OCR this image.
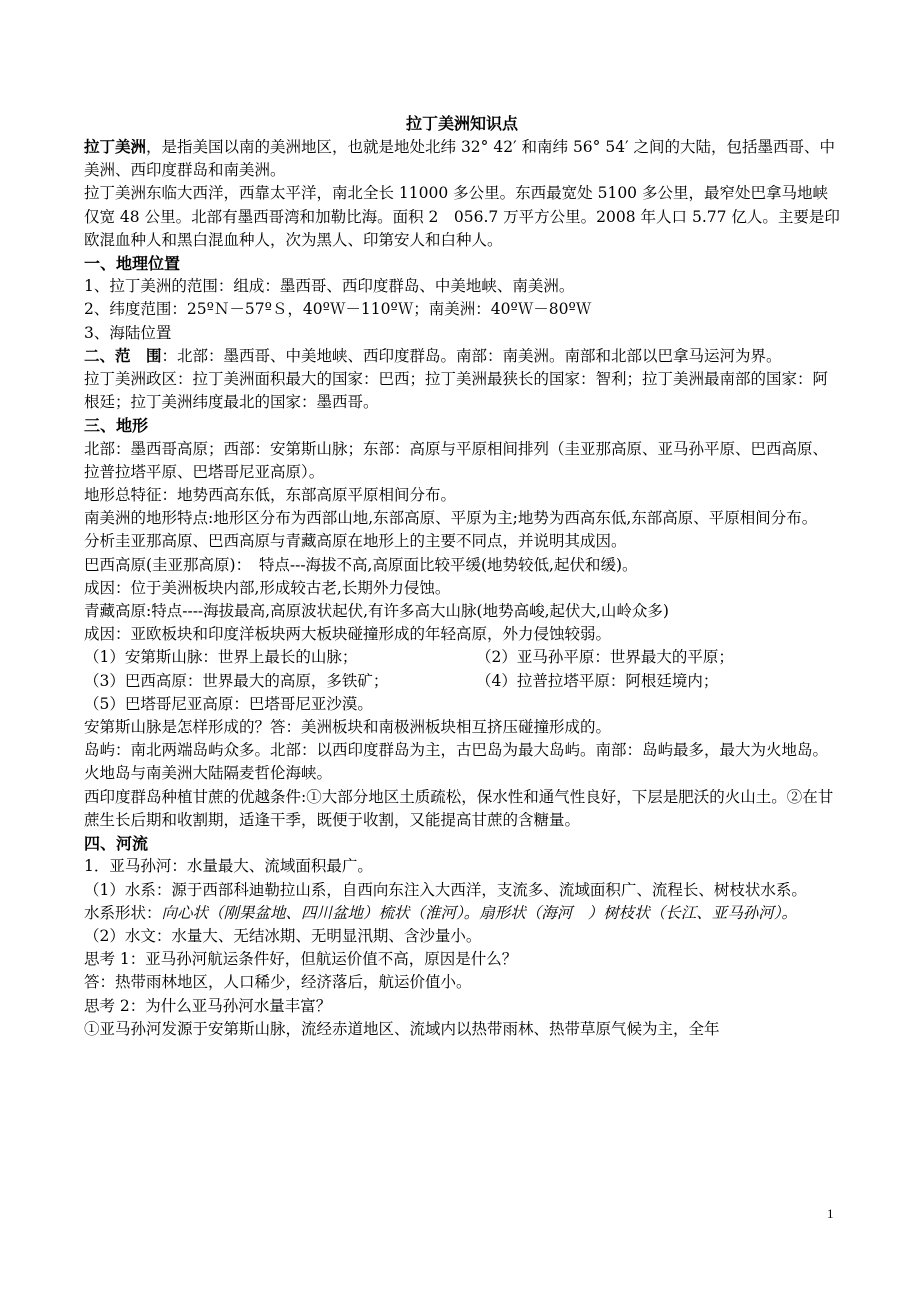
拉丁美洲知识点

拉丁美洲，是指美国以南的美洲地区，也就是地处北纬 32° 42′ 和南纬 56° 54′ 之间的大陆，包括墨西哥、中美洲、西印度群岛和南美洲。

拉丁美洲东临大西洋，西靠太平洋，南北全长 11000 多公里。东西最宽处 5100 多公里，最窄处巴拿马地峡仅宽 48 公里。北部有墨西哥湾和加勒比海。面积 2　056.7 万平方公里。2008 年人口 5.77 亿人。主要是印欧混血种人和黑白混血种人，次为黑人、印第安人和白种人。

一、地理位置

1、拉丁美洲的范围：组成：墨西哥、西印度群岛、中美地峡、南美洲。

2、纬度范围：25ºＮ－57ºＳ，40ºＷ－110ºＷ；南美洲：40ºＷ－80ºＷ

3、海陆位置

二、范　围：北部：墨西哥、中美地峡、西印度群岛。南部：南美洲。南部和北部以巴拿马运河为界。

拉丁美洲政区：拉丁美洲面积最大的国家：巴西；拉丁美洲最狭长的国家：智利；拉丁美洲最南部的国家：阿根廷；拉丁美洲纬度最北的国家：墨西哥。

三、地形

北部：墨西哥高原；西部：安第斯山脉；东部：高原与平原相间排列（圭亚那高原、亚马孙平原、巴西高原、拉普拉塔平原、巴塔哥尼亚高原）。

地形总特征：地势西高东低，东部高原平原相间分布。

南美洲的地形特点:地形区分布为西部山地,东部高原、平原为主;地势为西高东低,东部高原、平原相间分布。

分析圭亚那高原、巴西高原与青藏高原在地形上的主要不同点，并说明其成因。

巴西高原(圭亚那高原)：　特点---海拔不高,高原面比较平缓(地势较低,起伏和缓)。

成因：位于美洲板块内部,形成较古老,长期外力侵蚀。

青藏高原:特点----海拔最高,高原波状起伏,有许多高大山脉(地势高峻,起伏大,山岭众多)

成因：亚欧板块和印度洋板块两大板块碰撞形成的年轻高原，外力侵蚀较弱。

（1）安第斯山脉：世界上最长的山脉；	（2）亚马孙平原：世界最大的平原；
（3）巴西高原：世界最大的高原，多铁矿；	（4）拉普拉塔平原：阿根廷境内；

（5）巴塔哥尼亚高原：巴塔哥尼亚沙漠。

安第斯山脉是怎样形成的？答：美洲板块和南极洲板块相互挤压碰撞形成的。

岛屿：南北两端岛屿众多。北部：以西印度群岛为主，古巴岛为最大岛屿。南部：岛屿最多，最大为火地岛。火地岛与南美洲大陆隔麦哲伦海峡。

西印度群岛种植甘蔗的优越条件:①大部分地区土质疏松，保水性和通气性良好，下层是肥沃的火山土。②在甘蔗生长后期和收割期，适逢干季，既便于收割，又能提高甘蔗的含糖量。

四、河流

1．亚马孙河：水量最大、流域面积最广。

（1）水系：源于西部科迪勒拉山系，自西向东注入大西洋，支流多、流域面积广、流程长、树枝状水系。

水系形状：向心状（刚果盆地、四川盆地）梳状（淮河）。扇形状（海河　）树枝状（长江、亚马孙河）。

（2）水文：水量大、无结冰期、无明显汛期、含沙量小。

思考 1：亚马孙河航运条件好，但航运价值不高，原因是什么？

答：热带雨林地区，人口稀少，经济落后，航运价值小。

思考 2：为什么亚马孙河水量丰富？

①亚马孙河发源于安第斯山脉，流经赤道地区、流域内以热带雨林、热带草原气候为主，全年

1
